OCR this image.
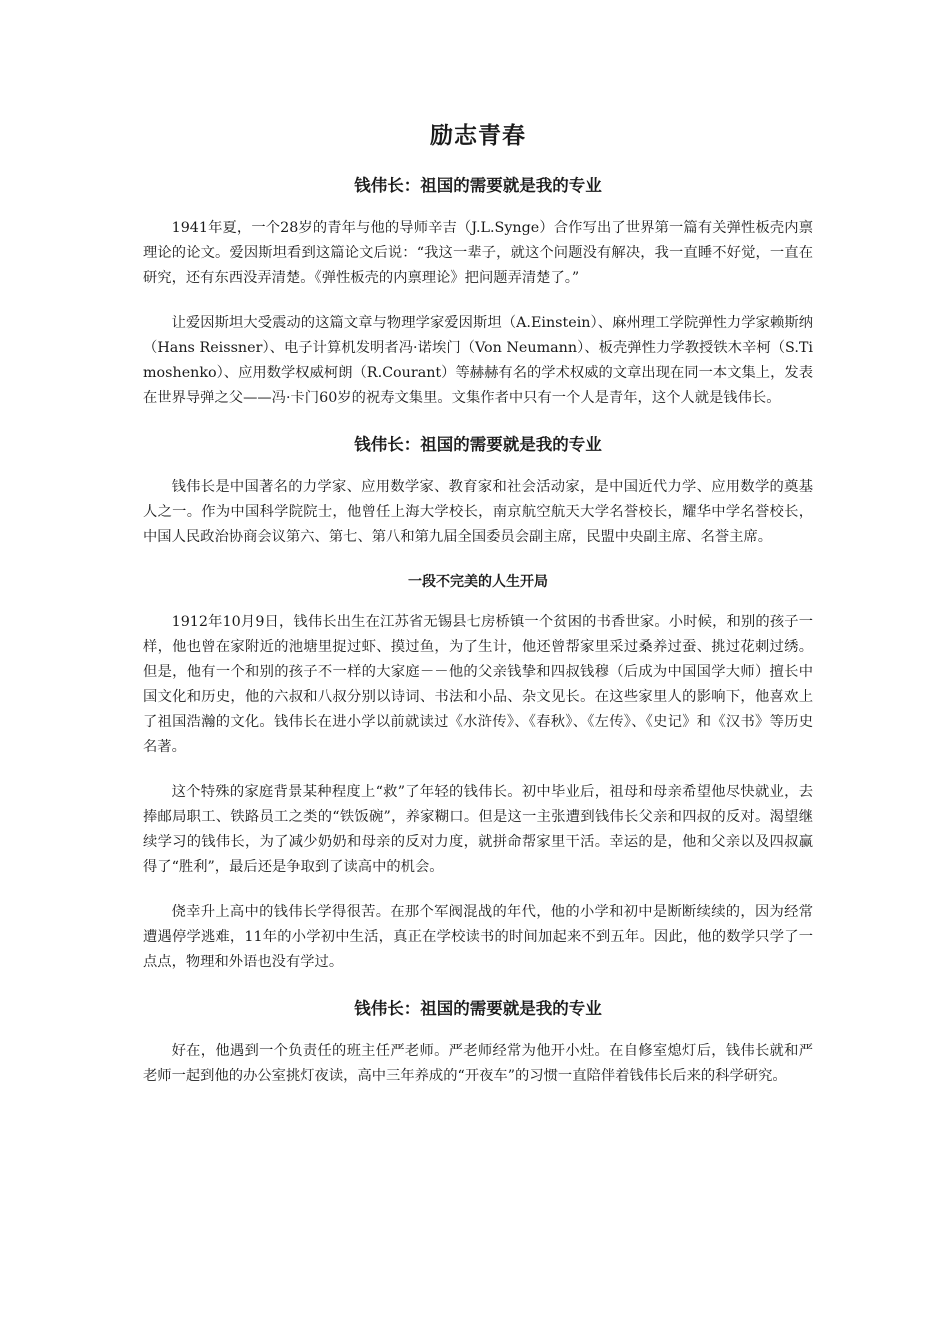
励志青春
钱伟长：祖国的需要就是我的专业
1941年夏，一个28岁的青年与他的导师辛吉（J.L.Synge）合作写出了世界第一篇有关弹性板壳内禀理论的论文。爱因斯坦看到这篇论文后说：“我这一辈子，就这个问题没有解决，我一直睡不好觉，一直在研究，还有东西没弄清楚。《弹性板壳的内禀理论》把问题弄清楚了。”
让爱因斯坦大受震动的这篇文章与物理学家爱因斯坦（A.Einstein）、麻州理工学院弹性力学家赖斯纳（Hans Reissner）、电子计算机发明者冯·诺埃门（Von Neumann）、板壳弹性力学教授铁木辛柯（S.Timoshenko）、应用数学权威柯朗（R.Courant）等赫赫有名的学术权威的文章出现在同一本文集上，发表在世界导弹之父——冯·卡门60岁的祝寿文集里。文集作者中只有一个人是青年，这个人就是钱伟长。
钱伟长：祖国的需要就是我的专业
钱伟长是中国著名的力学家、应用数学家、教育家和社会活动家，是中国近代力学、应用数学的奠基人之一。作为中国科学院院士，他曾任上海大学校长，南京航空航天大学名誉校长，耀华中学名誉校长，中国人民政治协商会议第六、第七、第八和第九届全国委员会副主席，民盟中央副主席、名誉主席。
一段不完美的人生开局
1912年10月9日，钱伟长出生在江苏省无锡县七房桥镇一个贫困的书香世家。小时候，和别的孩子一样，他也曾在家附近的池塘里捉过虾、摸过鱼，为了生计，他还曾帮家里采过桑养过蚕、挑过花刺过绣。但是，他有一个和别的孩子不一样的大家庭－－他的父亲钱挚和四叔钱穆（后成为中国国学大师）擅长中国文化和历史，他的六叔和八叔分别以诗词、书法和小品、杂文见长。在这些家里人的影响下，他喜欢上了祖国浩瀚的文化。钱伟长在进小学以前就读过《水浒传》、《春秋》、《左传》、《史记》和《汉书》等历史名著。
这个特殊的家庭背景某种程度上“救”了年轻的钱伟长。初中毕业后，祖母和母亲希望他尽快就业，去捧邮局职工、铁路员工之类的“铁饭碗”，养家糊口。但是这一主张遭到钱伟长父亲和四叔的反对。渴望继续学习的钱伟长，为了减少奶奶和母亲的反对力度，就拼命帮家里干活。幸运的是，他和父亲以及四叔赢得了“胜利”，最后还是争取到了读高中的机会。
侥幸升上高中的钱伟长学得很苦。在那个军阀混战的年代，他的小学和初中是断断续续的，因为经常遭遇停学逃难，11年的小学初中生活，真正在学校读书的时间加起来不到五年。因此，他的数学只学了一点点，物理和外语也没有学过。
钱伟长：祖国的需要就是我的专业
好在，他遇到一个负责任的班主任严老师。严老师经常为他开小灶。在自修室熄灯后，钱伟长就和严老师一起到他的办公室挑灯夜读，高中三年养成的“开夜车”的习惯一直陪伴着钱伟长后来的科学研究。
